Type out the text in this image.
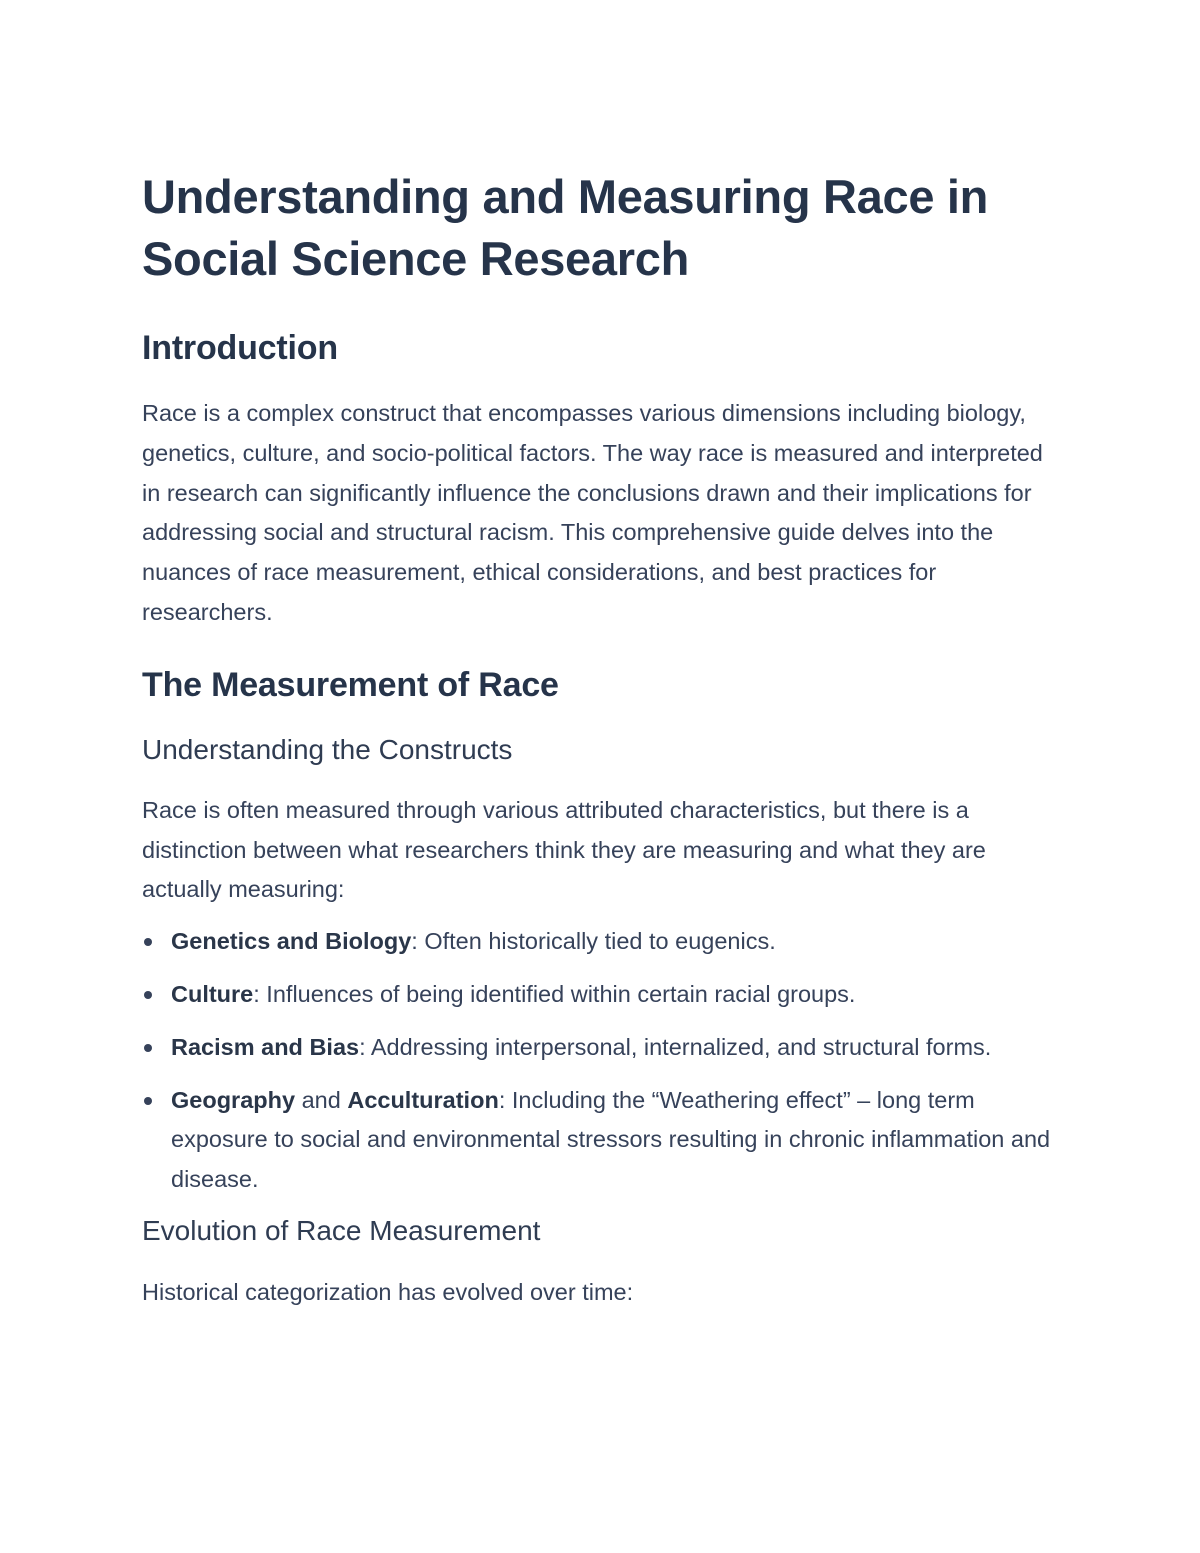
Understanding and Measuring Race in Social Science Research
Introduction

Race is a complex construct that encompasses various dimensions including biology, genetics, culture, and socio-political factors. The way race is measured and interpreted in research can significantly influence the conclusions drawn and their implications for addressing social and structural racism. This comprehensive guide delves into the nuances of race measurement, ethical considerations, and best practices for researchers.

The Measurement of Race
Understanding the Constructs

Race is often measured through various attributed characteristics, but there is a distinction between what researchers think they are measuring and what they are actually measuring:

Genetics and Biology: Often historically tied to eugenics.
Culture: Influences of being identified within certain racial groups.
Racism and Bias: Addressing interpersonal, internalized, and structural forms.
Geography and Acculturation: Including the “Weathering effect” – long term exposure to social and environmental stressors resulting in chronic inflammation and disease.
Evolution of Race Measurement

Historical categorization has evolved over time:
